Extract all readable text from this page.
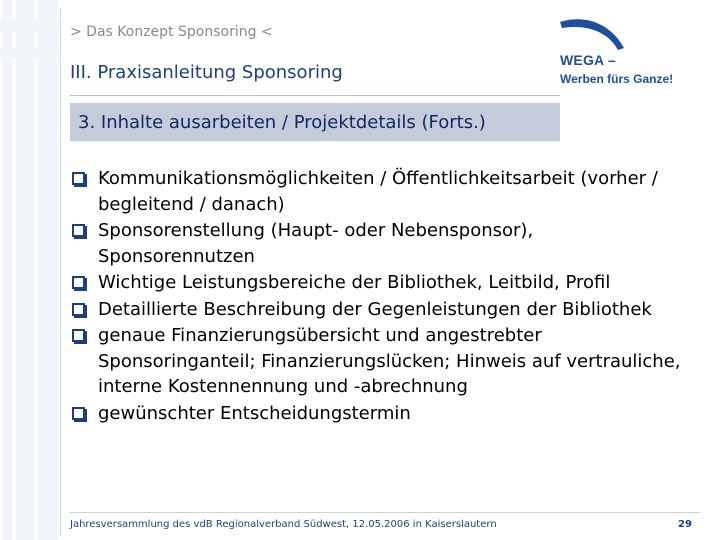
> Das Konzept Sponsoring <
III. Praxisanleitung Sponsoring
3. Inhalte ausarbeiten / Projektdetails (Forts.)
WEGA –
Werben fürs Ganze!
Kommunikationsmöglichkeiten / Öffentlichkeitsarbeit (vorher / begleitend / danach)
Sponsorenstellung (Haupt- oder Nebensponsor), Sponsorennutzen
Wichtige Leistungsbereiche der Bibliothek, Leitbild, Profil
Detaillierte Beschreibung der Gegenleistungen der Bibliothek
genaue Finanzierungsübersicht und angestrebter Sponsoringanteil; Finanzierungslücken; Hinweis auf vertrauliche, interne Kostennennung und -abrechnung
gewünschter Entscheidungstermin
Jahresversammlung des vdB Regionalverband Südwest, 12.05.2006 in Kaiserslautern	29
